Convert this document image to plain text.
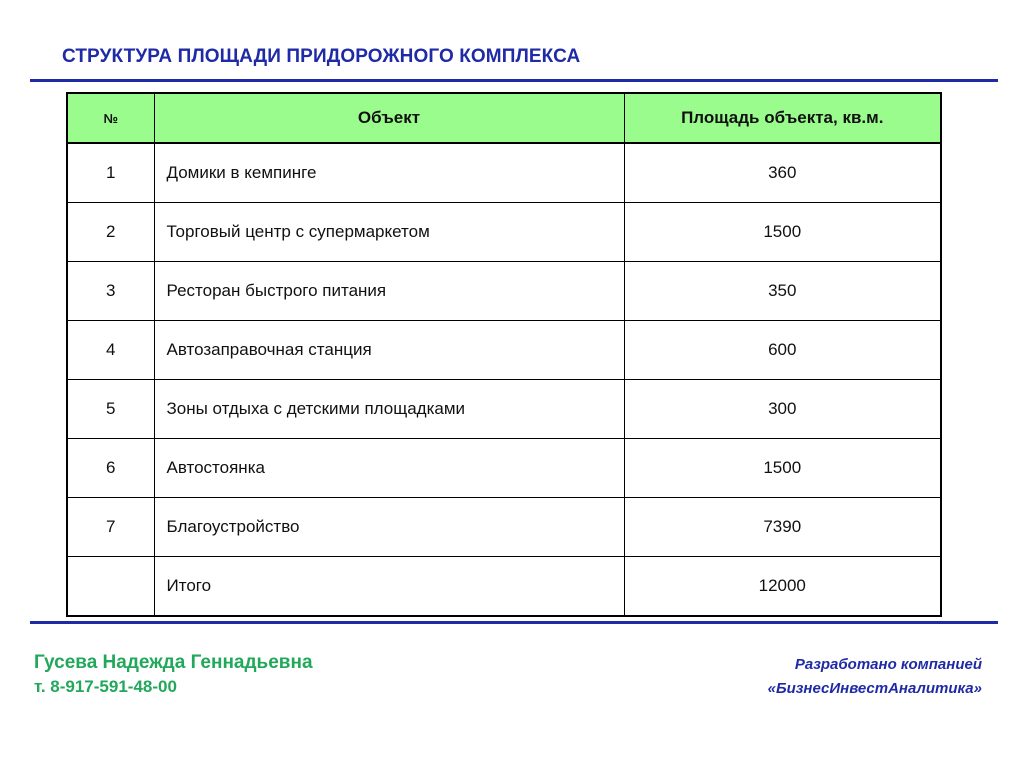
СТРУКТУРА ПЛОЩАДИ ПРИДОРОЖНОГО КОМПЛЕКСА
№	Объект	Площадь объекта, кв.м.
1	Домики в кемпинге	360
2	Торговый центр с супермаркетом	1500
3	Ресторан быстрого питания	350
4	Автозаправочная станция	600
5	Зоны отдыха с детскими площадками	300
6	Автостоянка	1500
7	Благоустройство	7390
	Итого	12000
Гусева Надежда Геннадьевна
т. 8-917-591-48-00
Разработано компанией
«БизнесИнвестАналитика»
